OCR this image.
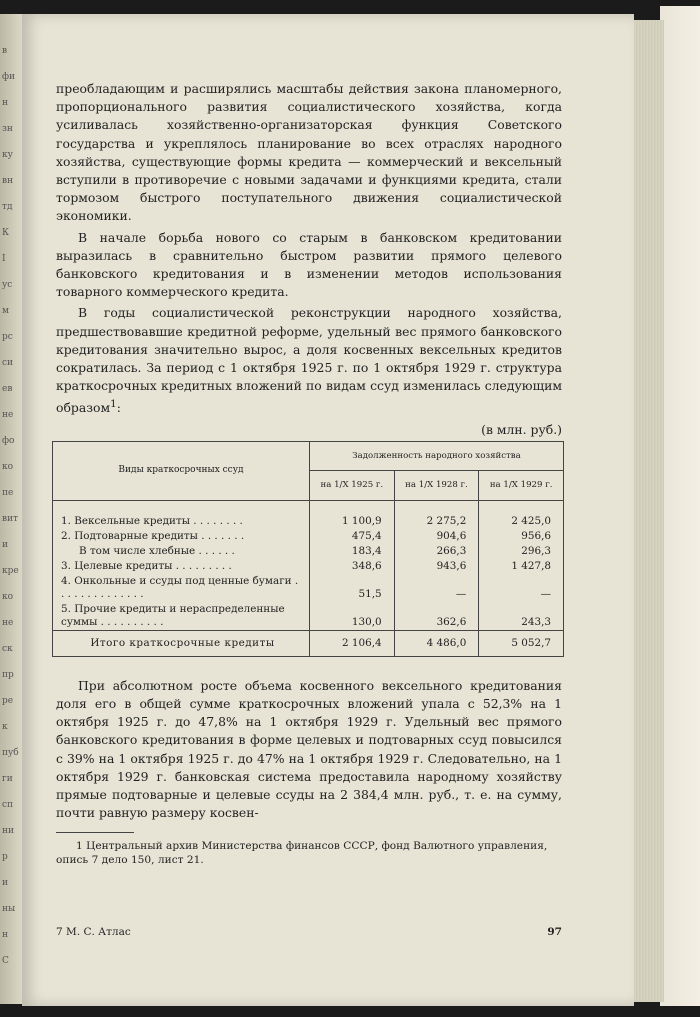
в
фи
н
зн
ку
вн
тд
К
I
ус
м
рс
си
ев
не
фо
ко
пе
вит
и
кре
ко
не
ск
пр
ре
к
пуб
ги
сп
ни
р
и
ны
н
С

преобладающим и расширялись масштабы действия закона планомерного, пропорционального развития социалистического хозяйства, когда усиливалась хозяйственно-организаторская функция Советского государства и укреплялось планирование во всех отраслях народного хозяйства, существующие формы кредита — коммерческий и вексельный вступили в противоречие с новыми задачами и функциями кредита, стали тормозом быстрого поступательного движения социалистической экономики.

В начале борьба нового со старым в банковском кредитовании выразилась в сравнительно быстром развитии прямого целевого банковского кредитования и в изменении методов использования товарного коммерческого кредита.

В годы социалистической реконструкции народного хозяйства, предшествовавшие кредитной реформе, удельный вес прямого банковского кредитования значительно вырос, а доля косвенных вексельных кредитов сократилась. За период с 1 октября 1925 г. по 1 октября 1929 г. структура краткосрочных кредитных вложений по видам ссуд изменилась следующим образом$^1$:

(в млн. руб.)
Виды краткосрочных ссуд	Задолженность народного хозяйства		
	на 1/X 1925 г.	на 1/X 1928 г.	на 1/X 1929 г.
1. Вексельные кредиты . . . . . . . .	1 100,9	2 275,2	2 425,0
2. Подтоварные кредиты . . . . . . .	475,4	904,6	956,6
В том числе хлебные . . . . . .	183,4	266,3	296,3
3. Целевые кредиты . . . . . . . . .	348,6	943,6	1 427,8
4. Онкольные и ссуды под ценные бумаги . . . . . . . . . . . . . .	51,5	—	—
5. Прочие кредиты и нераспределенные суммы . . . . . . . . . .	130,0	362,6	243,3
Итого краткосрочные кредиты	2 106,4	4 486,0	5 052,7

При абсолютном росте объема косвенного вексельного кредитования доля его в общей сумме краткосрочных вложений упала с 52,3% на 1 октября 1925 г. до 47,8% на 1 октября 1929 г. Удельный вес прямого банковского кредитования в форме целевых и подтоварных ссуд повысился с 39% на 1 октября 1925 г. до 47% на 1 октября 1929 г. Следовательно, на 1 октября 1929 г. банковская система предоставила народному хозяйству прямые подтоварные и целевые ссуды на 2 384,4 млн. руб., т. е. на сумму, почти равную размеру косвен-

1 Центральный архив Министерства финансов СССР, фонд Валютного управления, опись 7 дело 150, лист 21.

7 М. С. Атлас	97
